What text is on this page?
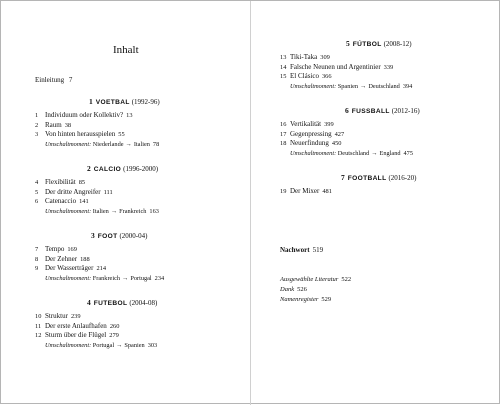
Inhalt
Einleitung 7
1 VOETBAL (1992-96)
1 Individuum oder Kollektiv? 13
2 Raum 38
3 Von hinten herausspielen 55
Umschaltmoment: Niederlande → Italien 78
2 CALCIO (1996-2000)
4 Flexibilität 85
5 Der dritte Angreifer 111
6 Catenaccio 141
Umschaltmoment: Italien → Frankreich 163
3 FOOT (2000-04)
7 Tempo 169
8 Der Zehner 188
9 Der Wasserträger 214
Umschaltmoment: Frankreich → Portugal 234
4 FUTEBOL (2004-08)
10 Struktur 239
11 Der erste Anlaufhafen 260
12 Sturm über die Flügel 279
Umschaltmoment: Portugal → Spanien 303
5 FÚTBOL (2008-12)
13 Tiki-Taka 309
14 Falsche Neunen und Argentinier 339
15 El Clásico 366
Umschaltmoment: Spanien → Deutschland 394
6 FUSSBALL (2012-16)
16 Vertikalität 399
17 Gegenpressing 427
18 Neuerfindung 450
Umschaltmoment: Deutschland → England 475
7 FOOTBALL (2016-20)
19 Der Mixer 481
Nachwort 519
Ausgewählte Literatur 522
Dank 526
Namenregister 529
